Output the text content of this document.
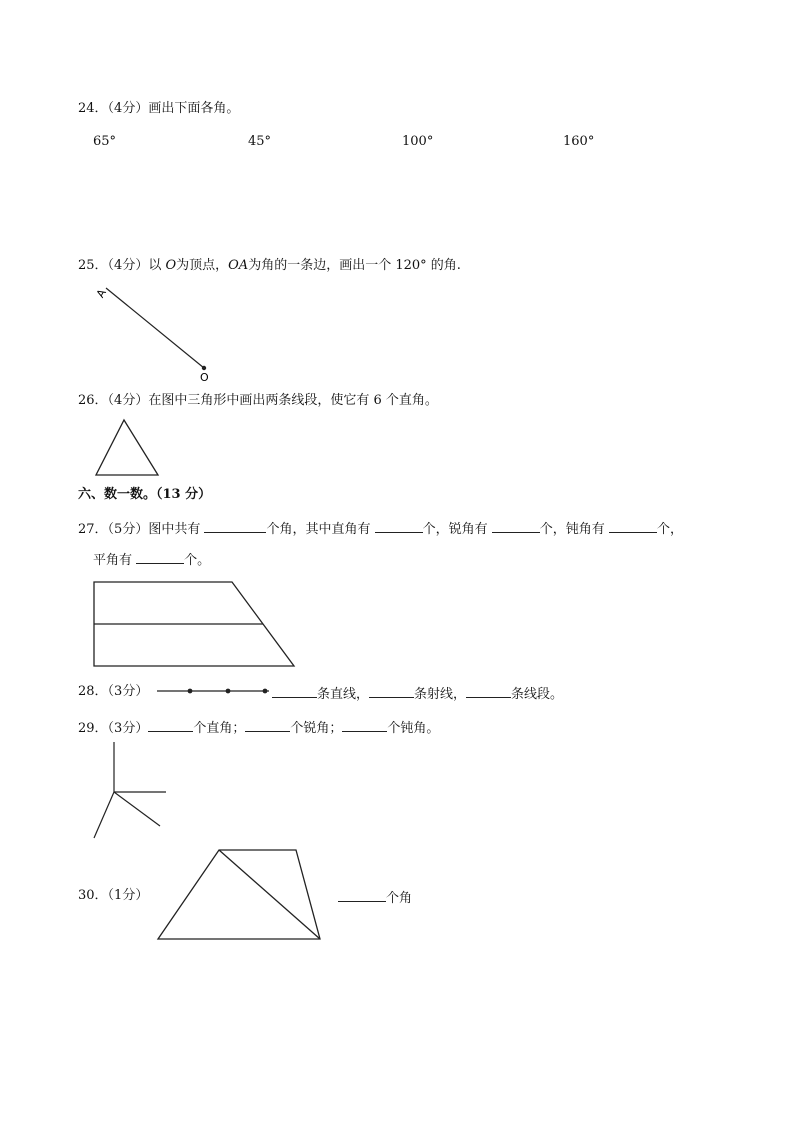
24．（4分）画出下面各角。
65°	45°	100°	160°
25．（4分）以 O为顶点，OA为角的一条边，画出一个 120° 的角.
A
O
26．（4分）在图中三角形中画出两条线段，使它有 6 个直角。
六、数一数。（13 分）
27．（5分）图中共有	个角，其中直角有	个，锐角有	个，钝角有	个，
平角有	个。
28．（3分）	条直线，	条射线，	条线段。
29．（3分）	个直角；	个锐角；	个钝角。
30．（1分）	个角
